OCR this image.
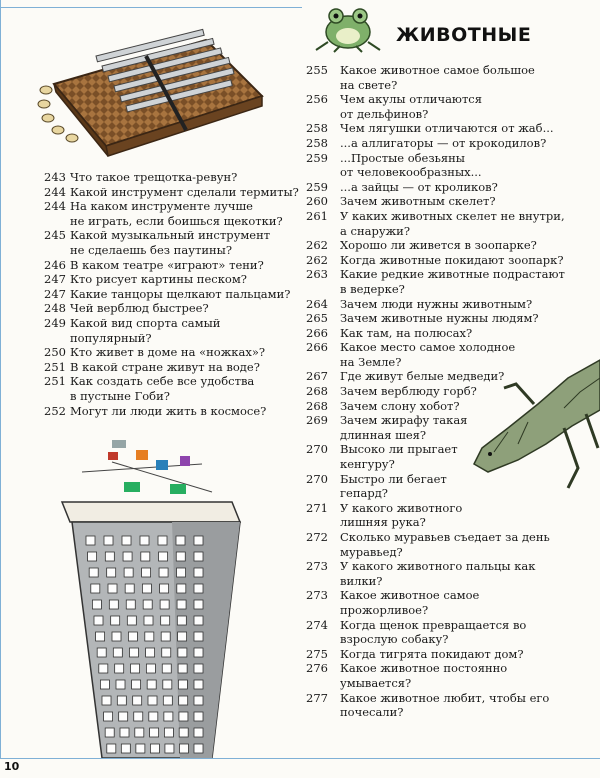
ЖИВОТНЫЕ
243 Что такое трещотка-ревун?
244 Какой инструмент сделали термиты?
244 На каком инструменте лучше
не играть, если боишься щекотки?
245 Какой музыкальный инструмент
не сделаешь без паутины?
246 В каком театре «играют» тени?
247 Кто рисует картины песком?
247 Какие танцоры щелкают пальцами?
248 Чей верблюд быстрее?
249 Какой вид спорта самый
популярный?
250 Кто живет в доме на «ножках»?
251 В какой стране живут на воде?
251 Как создать себе все удобства
в пустыне Гоби?
252 Могут ли люди жить в космосе?
255	Какое животное самое большое
на свете?
256	Чем акулы отличаются
от дельфинов?
258	Чем лягушки отличаются от жаб...
258	...а аллигаторы — от крокодилов?
259	...Простые обезьяны
от человекообразных...
259	...а зайцы — от кроликов?
260	Зачем животным скелет?
261	У каких животных скелет не внутри,
а снаружи?
262	Хорошо ли живется в зоопарке?
262	Когда животные покидают зоопарк?
263	Какие редкие животные подрастают
в ведерке?
264	Зачем люди нужны животным?
265	Зачем животные нужны людям?
266	Как там, на полюсах?
266	Какое место самое холодное
на Земле?
267	Где живут белые медведи?
268	Зачем верблюду горб?
268	Зачем слону хобот?
269	Зачем жирафу такая
длинная шея?
270	Высоко ли прыгает
кенгуру?
270	Быстро ли бегает
гепард?
271	У какого животного
лишняя рука?
272	Сколько муравьев съедает за день
муравьед?
273	У какого животного пальцы как
вилки?
273	Какое животное самое
прожорливое?
274	Когда щенок превращается во
взрослую собаку?
275	Когда тигрята покидают дом?
276	Какое животное постоянно
умывается?
277	Какое животное любит, чтобы его
почесали?
10
